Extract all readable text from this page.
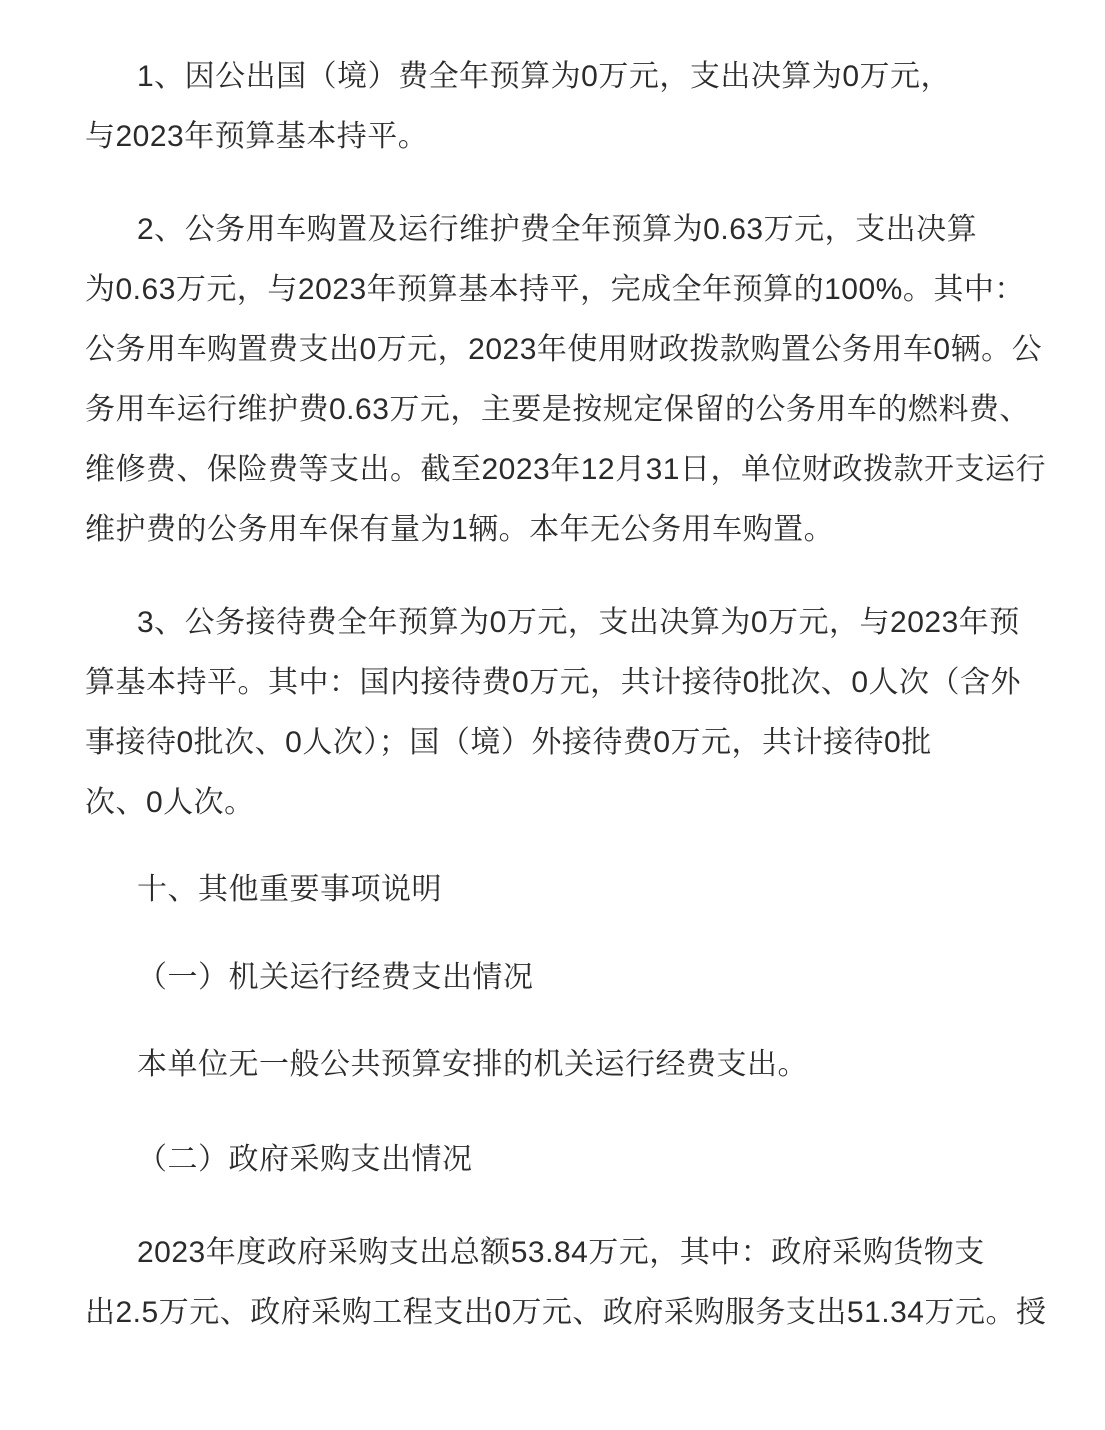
1、因公出国（境）费全年预算为0万元，支出决算为0万元，
与2023年预算基本持平。
2、公务用车购置及运行维护费全年预算为0.63万元，支出决算
为0.63万元，与2023年预算基本持平，完成全年预算的100%。其中：
公务用车购置费支出0万元，2023年使用财政拨款购置公务用车0辆。公
务用车运行维护费0.63万元，主要是按规定保留的公务用车的燃料费、
维修费、保险费等支出。截至2023年12月31日，单位财政拨款开支运行
维护费的公务用车保有量为1辆。本年无公务用车购置。
3、公务接待费全年预算为0万元，支出决算为0万元，与2023年预
算基本持平。其中：国内接待费0万元，共计接待0批次、0人次（含外
事接待0批次、0人次）；国（境）外接待费0万元，共计接待0批
次、0人次。
十、其他重要事项说明
（一）机关运行经费支出情况
本单位无一般公共预算安排的机关运行经费支出。
（二）政府采购支出情况
2023年度政府采购支出总额53.84万元，其中：政府采购货物支
出2.5万元、政府采购工程支出0万元、政府采购服务支出51.34万元。授
